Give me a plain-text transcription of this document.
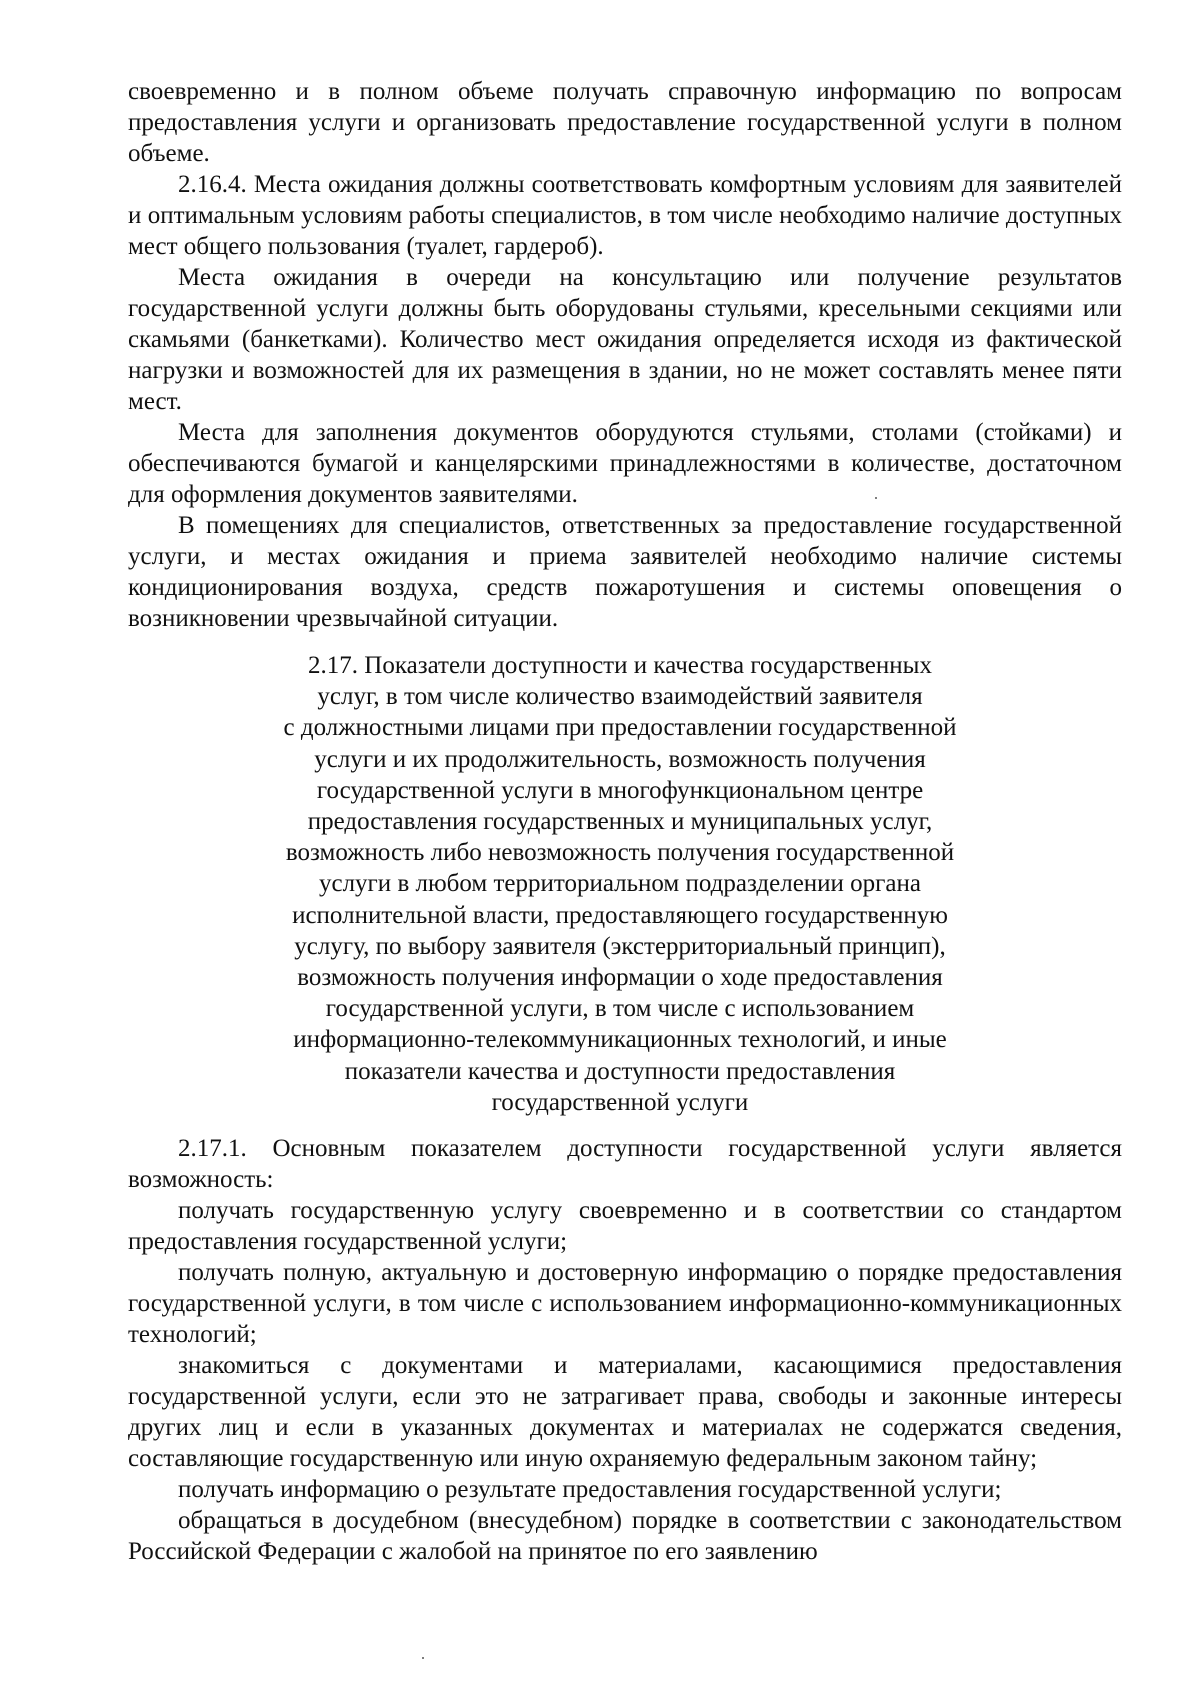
своевременно и в полном объеме получать справочную информацию по вопросам предоставления услуги и организовать предоставление государственной услуги в полном объеме.

2.16.4. Места ожидания должны соответствовать комфортным условиям для заявителей и оптимальным условиям работы специалистов, в том числе необходимо наличие доступных мест общего пользования (туалет, гардероб).

Места ожидания в очереди на консультацию или получение результатов государственной услуги должны быть оборудованы стульями, кресельными секциями или скамьями (банкетками). Количество мест ожидания определяется исходя из фактической нагрузки и возможностей для их размещения в здании, но не может составлять менее пяти мест.

Места для заполнения документов оборудуются стульями, столами (стойками) и обеспечиваются бумагой и канцелярскими принадлежностями в количестве, достаточном для оформления документов заявителями.

В помещениях для специалистов, ответственных за предоставление государственной услуги, и местах ожидания и приема заявителей необходимо наличие системы кондиционирования воздуха, средств пожаротушения и системы оповещения о возникновении чрезвычайной ситуации.

2.17. Показатели доступности и качества государственных
услуг, в том числе количество взаимодействий заявителя
с должностными лицами при предоставлении государственной
услуги и их продолжительность, возможность получения
государственной услуги в многофункциональном центре
предоставления государственных и муниципальных услуг,
возможность либо невозможность получения государственной
услуги в любом территориальном подразделении органа
исполнительной власти, предоставляющего государственную
услугу, по выбору заявителя (экстерриториальный принцип),
возможность получения информации о ходе предоставления
государственной услуги, в том числе с использованием
информационно-телекоммуникационных технологий, и иные
показатели качества и доступности предоставления
государственной услуги

2.17.1. Основным показателем доступности государственной услуги является возможность:

получать государственную услугу своевременно и в соответствии со стандартом предоставления государственной услуги;

получать полную, актуальную и достоверную информацию о порядке предоставления государственной услуги, в том числе с использованием информационно-коммуникационных технологий;

знакомиться с документами и материалами, касающимися предоставления государственной услуги, если это не затрагивает права, свободы и законные интересы других лиц и если в указанных документах и материалах не содержатся сведения, составляющие государственную или иную охраняемую федеральным законом тайну;

получать информацию о результате предоставления государственной услуги;

обращаться в досудебном (внесудебном) порядке в соответствии с законодательством Российской Федерации с жалобой на принятое по его заявлению
